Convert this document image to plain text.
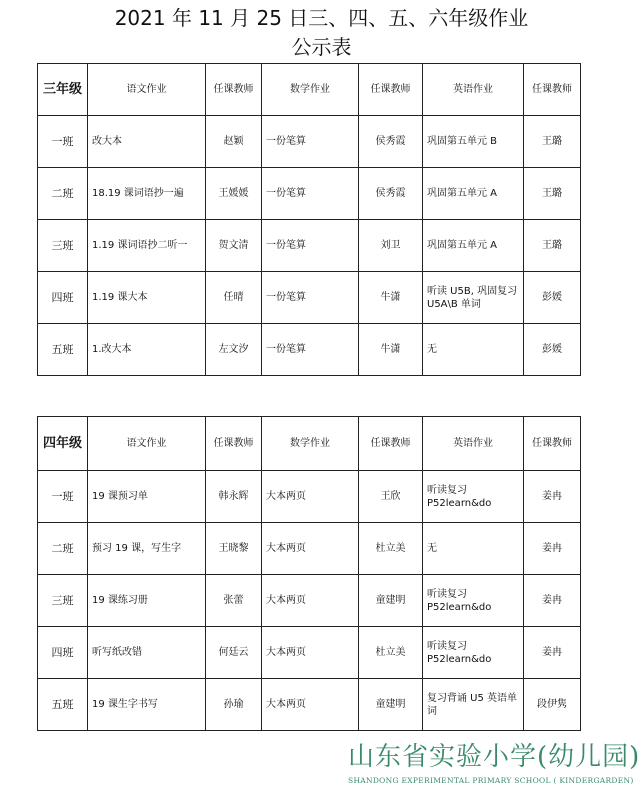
2021 年 11 月 25 日三、四、五、六年级作业
公示表
三年级	语文作业	任课教师	数学作业	任课教师	英语作业	任课教师
一班	改大本	赵颖	一份笔算	侯秀霞	巩固第五单元 B	王璐
二班	18.19 课词语抄一遍	王媛媛	一份笔算	侯秀霞	巩固第五单元 A	王璐
三班	1.19 课词语抄二听一	贺文清	一份笔算	刘卫	巩固第五单元 A	王璐
四班	1.19 课大本	任晴	一份笔算	牛潇	听读 U5B, 巩固复习 U5A\B 单词	彭媛
五班	1.改大本	左文汐	一份笔算	牛潇	无	彭媛
四年级	语文作业	任课教师	数学作业	任课教师	英语作业	任课教师
一班	19 课预习单	韩永辉	大本两页	王欣	听读复习 P52learn&do	姜冉
二班	预习 19 课，写生字	王晓黎	大本两页	杜立美	无	姜冉
三班	19 课练习册	张蕾	大本两页	童建明	听读复习 P52learn&do	姜冉
四班	听写纸改错	何廷云	大本两页	杜立美	听读复习 P52learn&do	姜冉
五班	19 课生字书写	孙瑜	大本两页	童建明	复习背诵 U5 英语单词	段伊隽
山东省实验小学(幼儿园)
SHANDONG EXPERIMENTAL PRIMARY SCHOOL ( KINDERGARDEN)
